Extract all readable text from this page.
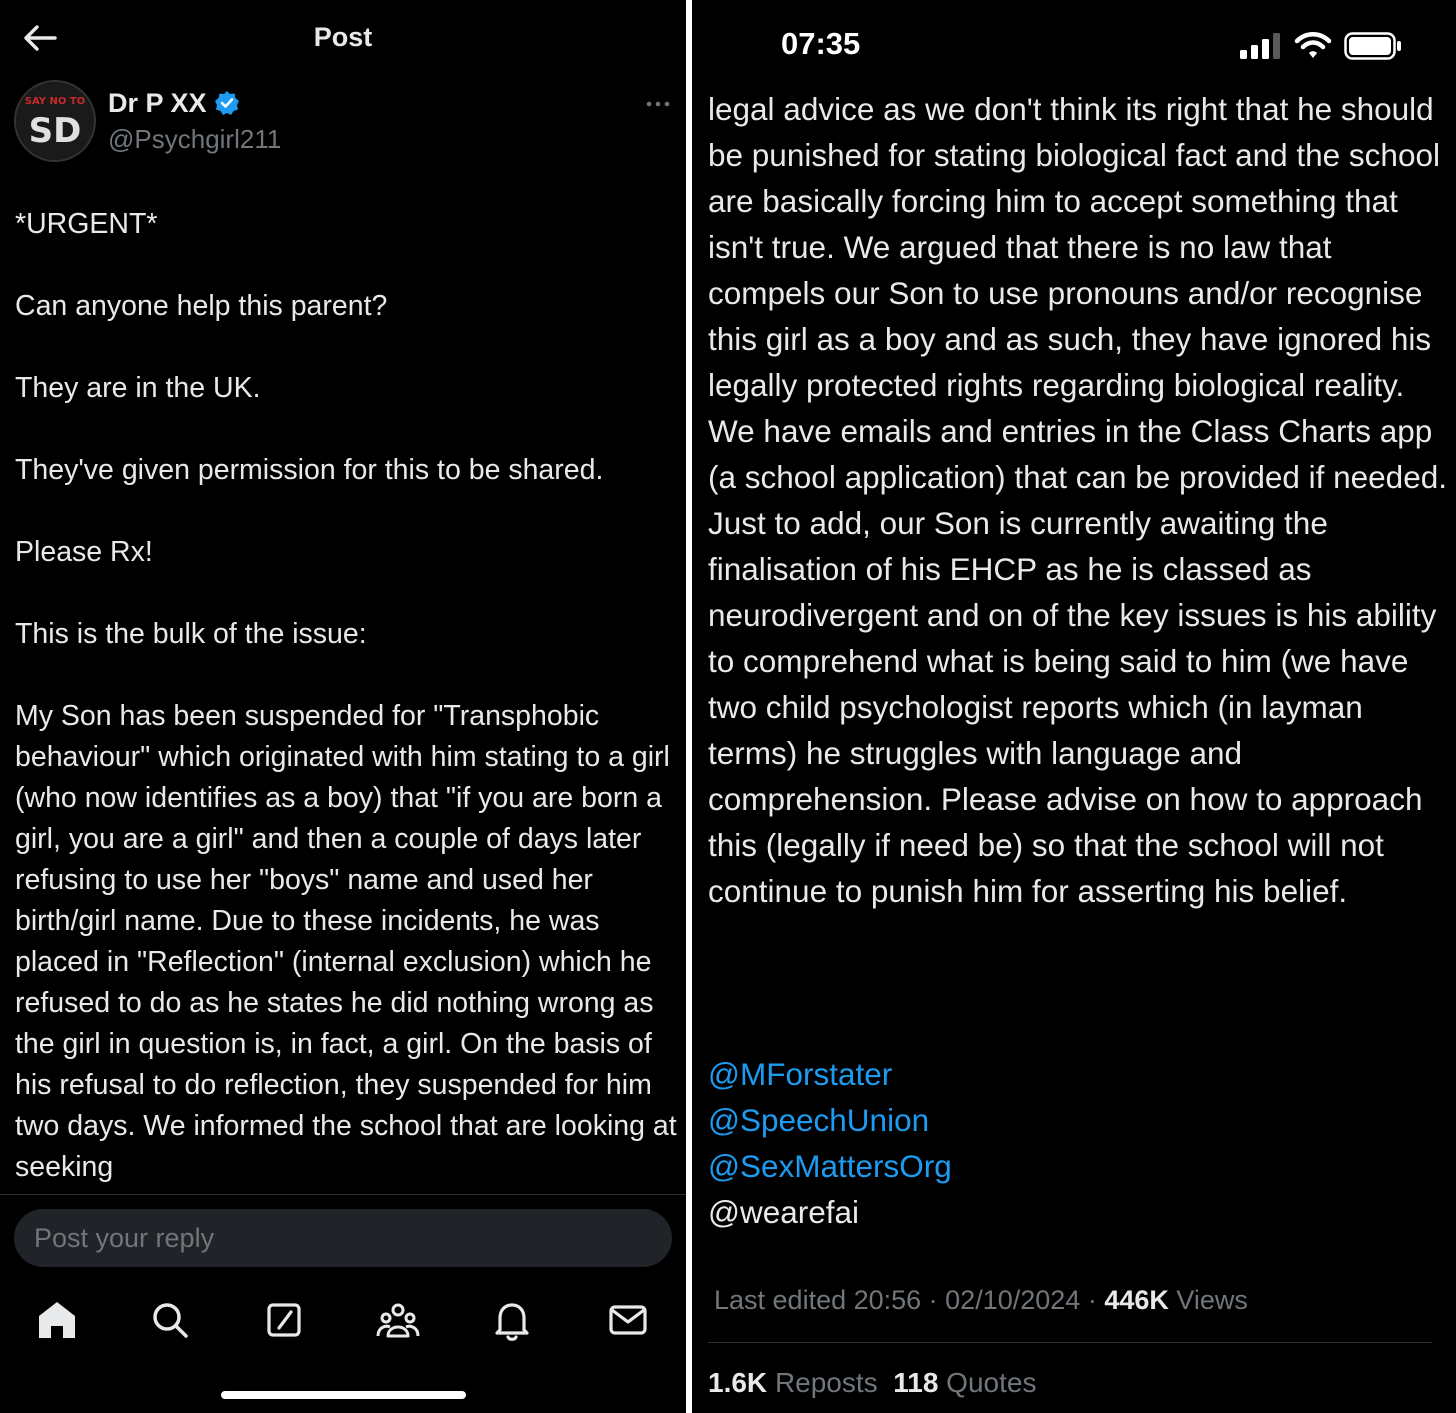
Post
SAY NO TO
SD
Dr P XX
@Psychgirl211

*URGENT*

Can anyone help this parent?

They are in the UK.

They've given permission for this to be shared.

Please Rx!

This is the bulk of the issue:

My Son has been suspended for "Transphobic behaviour" which originated with him stating to a girl (who now identifies as a boy) that "if you are born a girl, you are a girl" and then a couple of days later refusing to use her "boys" name and used her birth/girl name. Due to these incidents, he was placed in "Reflection" (internal exclusion) which he refused to do as he states he did nothing wrong as the girl in question is, in fact, a girl. On the basis of his refusal to do reflection, they suspended for him two days. We informed the school that are looking at seeking

Post your reply
07:35
legal advice as we don't think its right that he should be punished for stating biological fact and the school are basically forcing him to accept something that isn't true. We argued that there is no law that compels our Son to use pronouns and/or recognise this girl as a boy and as such, they have ignored his legally protected rights regarding biological reality. We have emails and entries in the Class Charts app (a school application) that can be provided if needed. Just to add, our Son is currently awaiting the finalisation of his EHCP as he is classed as neurodivergent and on of the key issues is his ability to comprehend what is being said to him (we have two child psychologist reports which (in layman terms) he struggles with language and comprehension. Please advise on how to approach this (legally if need be) so that the school will not continue to punish him for asserting his belief.
@MForstater
@SpeechUnion
@SexMattersOrg
@wearefai
Last edited 20:56 · 02/10/2024 · 446K Views
1.6K Reposts 118 Quotes
